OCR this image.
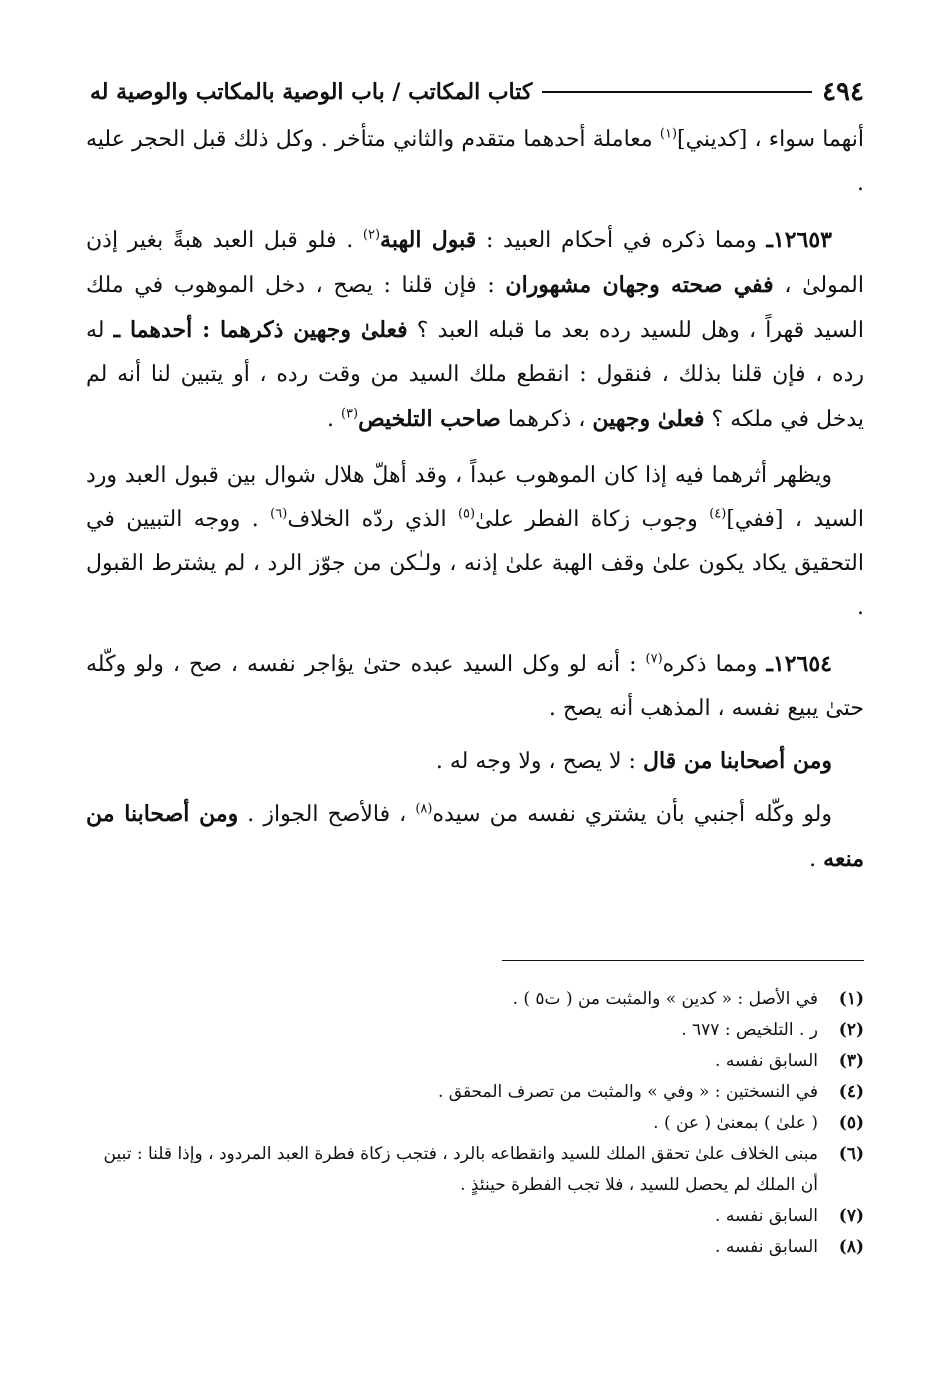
٤٩٤
كتاب المكاتب / باب الوصية بالمكاتب والوصية له

أنهما سواء ، [كديني]$^{(١)}$ معاملة أحدهما متقدم والثاني متأخر . وكل ذلك قبل الحجر عليه .

١٢٦٥٣ـ ومما ذكره في أحكام العبيد : قبول الهبة$^{(٢)}$ . فلو قبل العبد هبةً بغير إذن المولىٰ ، ففي صحته وجهان مشهوران : فإن قلنا : يصح ، دخل الموهوب في ملك السيد قهراً ، وهل للسيد رده بعد ما قبله العبد ؟ فعلىٰ وجهين ذكرهما : أحدهما ـ له رده ، فإن قلنا بذلك ، فنقول : انقطع ملك السيد من وقت رده ، أو يتبين لنا أنه لم يدخل في ملكه ؟ فعلىٰ وجهين ، ذكرهما صاحب التلخيص$^{(٣)}$ .

ويظهر أثرهما فيه إذا كان الموهوب عبداً ، وقد أهلّ هلال شوال بين قبول العبد ورد السيد ، [ففي]$^{(٤)}$ وجوب زكاة الفطر علىٰ$^{(٥)}$ الذي ردّه الخلاف$^{(٦)}$ . ووجه التبيين في التحقيق يكاد يكون علىٰ وقف الهبة علىٰ إذنه ، ولـٰكن من جوّز الرد ، لم يشترط القبول .

١٢٦٥٤ـ ومما ذكره$^{(٧)}$ : أنه لو وكل السيد عبده حتىٰ يؤاجر نفسه ، صح ، ولو وكّله حتىٰ يبيع نفسه ، المذهب أنه يصح .

ومن أصحابنا من قال : لا يصح ، ولا وجه له .

ولو وكّله أجنبي بأن يشتري نفسه من سيده$^{(٨)}$ ، فالأصح الجواز . ومن أصحابنا من منعه .

(١)
في الأصل : « كدين » والمثبت من ( ت٥ ) .
(٢)
ر . التلخيص : ٦٧٧ .
(٣)
السابق نفسه .
(٤)
في النسختين : « وفي » والمثبت من تصرف المحقق .
(٥)
( علىٰ ) بمعنىٰ ( عن ) .
(٦)
مبنى الخلاف علىٰ تحقق الملك للسيد وانقطاعه بالرد ، فتجب زكاة فطرة العبد المردود ، وإذا قلنا : تبين أن الملك لم يحصل للسيد ، فلا تجب الفطرة حينئذٍ .
(٧)
السابق نفسه .
(٨)
السابق نفسه .
